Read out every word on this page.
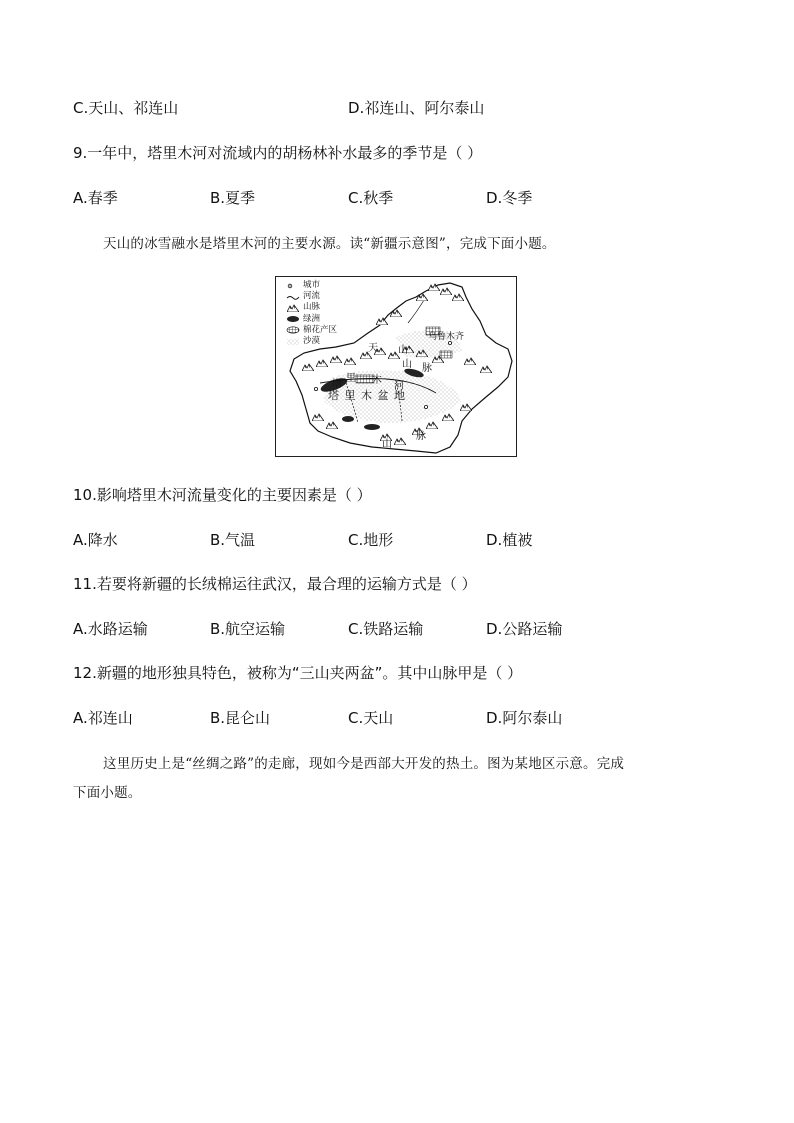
C.天山、祁连山	D.祁连山、阿尔泰山
9.一年中，塔里木河对流域内的胡杨林补水最多的季节是（ ）
A.春季	B.夏季	C.秋季	D.冬季
天山的冰雪融水是塔里木河的主要水源。读“新疆示意图”，完成下面小题。
城市
河流
山脉
绿洲
棉花产区
沙漠
天 山
山 脉
乌鲁木齐
塔
里 木
河
塔 里 木 盆 地
山
脉
10.影响塔里木河流量变化的主要因素是（ ）
A.降水	B.气温	C.地形	D.植被
11.若要将新疆的长绒棉运往武汉，最合理的运输方式是（ ）
A.水路运输	B.航空运输	C.铁路运输	D.公路运输
12.新疆的地形独具特色，被称为“三山夹两盆”。其中山脉甲是（ ）
A.祁连山	B.昆仑山	C.天山	D.阿尔泰山
这里历史上是“丝绸之路”的走廊，现如今是西部大开发的热土。图为某地区示意。完成
下面小题。
